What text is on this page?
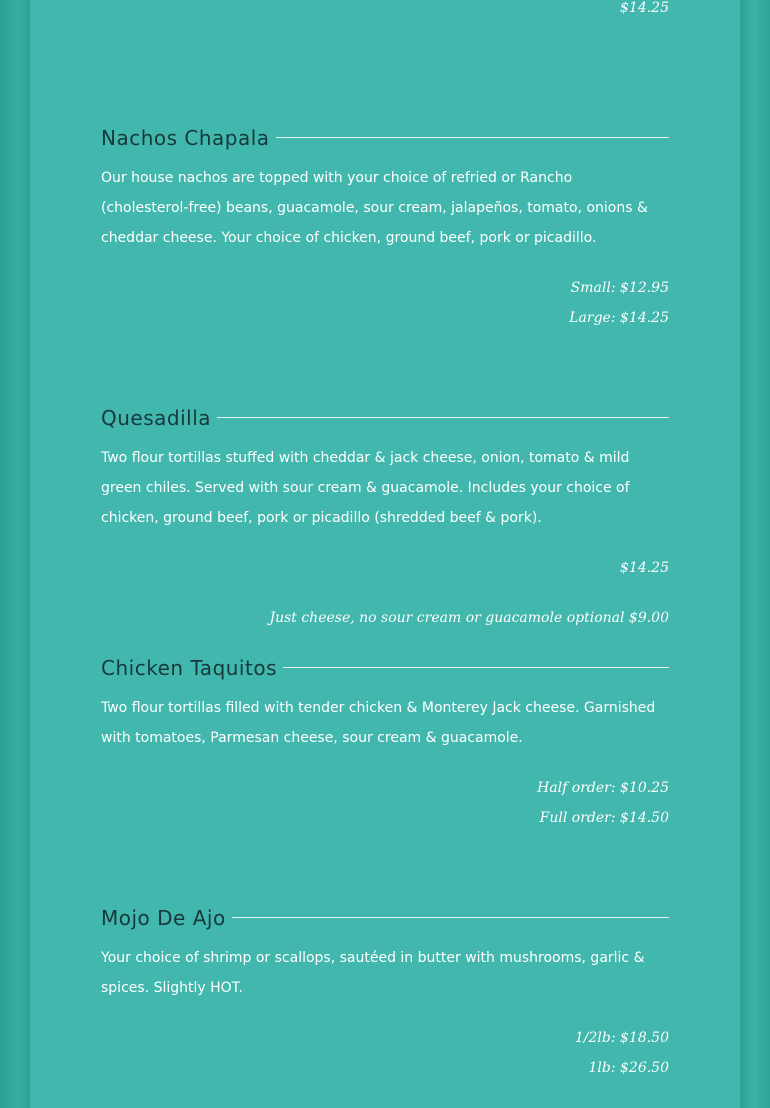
$14.25
Nachos Chapala
Our house nachos are topped with your choice of refried or Rancho (cholesterol-free) beans, guacamole, sour cream, jalapeños, tomato, onions & cheddar cheese. Your choice of chicken, ground beef, pork or picadillo.
Small: $12.95
Large: $14.25
Quesadilla
Two flour tortillas stuffed with cheddar & jack cheese, onion, tomato & mild green chiles. Served with sour cream & guacamole. Includes your choice of chicken, ground beef, pork or picadillo (shredded beef & pork).
$14.25
Just cheese, no sour cream or guacamole optional $9.00
Chicken Taquitos
Two flour tortillas filled with tender chicken & Monterey Jack cheese. Garnished with tomatoes, Parmesan cheese, sour cream & guacamole.
Half order: $10.25
Full order: $14.50
Mojo De Ajo
Your choice of shrimp or scallops, sautéed in butter with mushrooms, garlic & spices. Slightly HOT.
1/2lb: $18.50
1lb: $26.50
